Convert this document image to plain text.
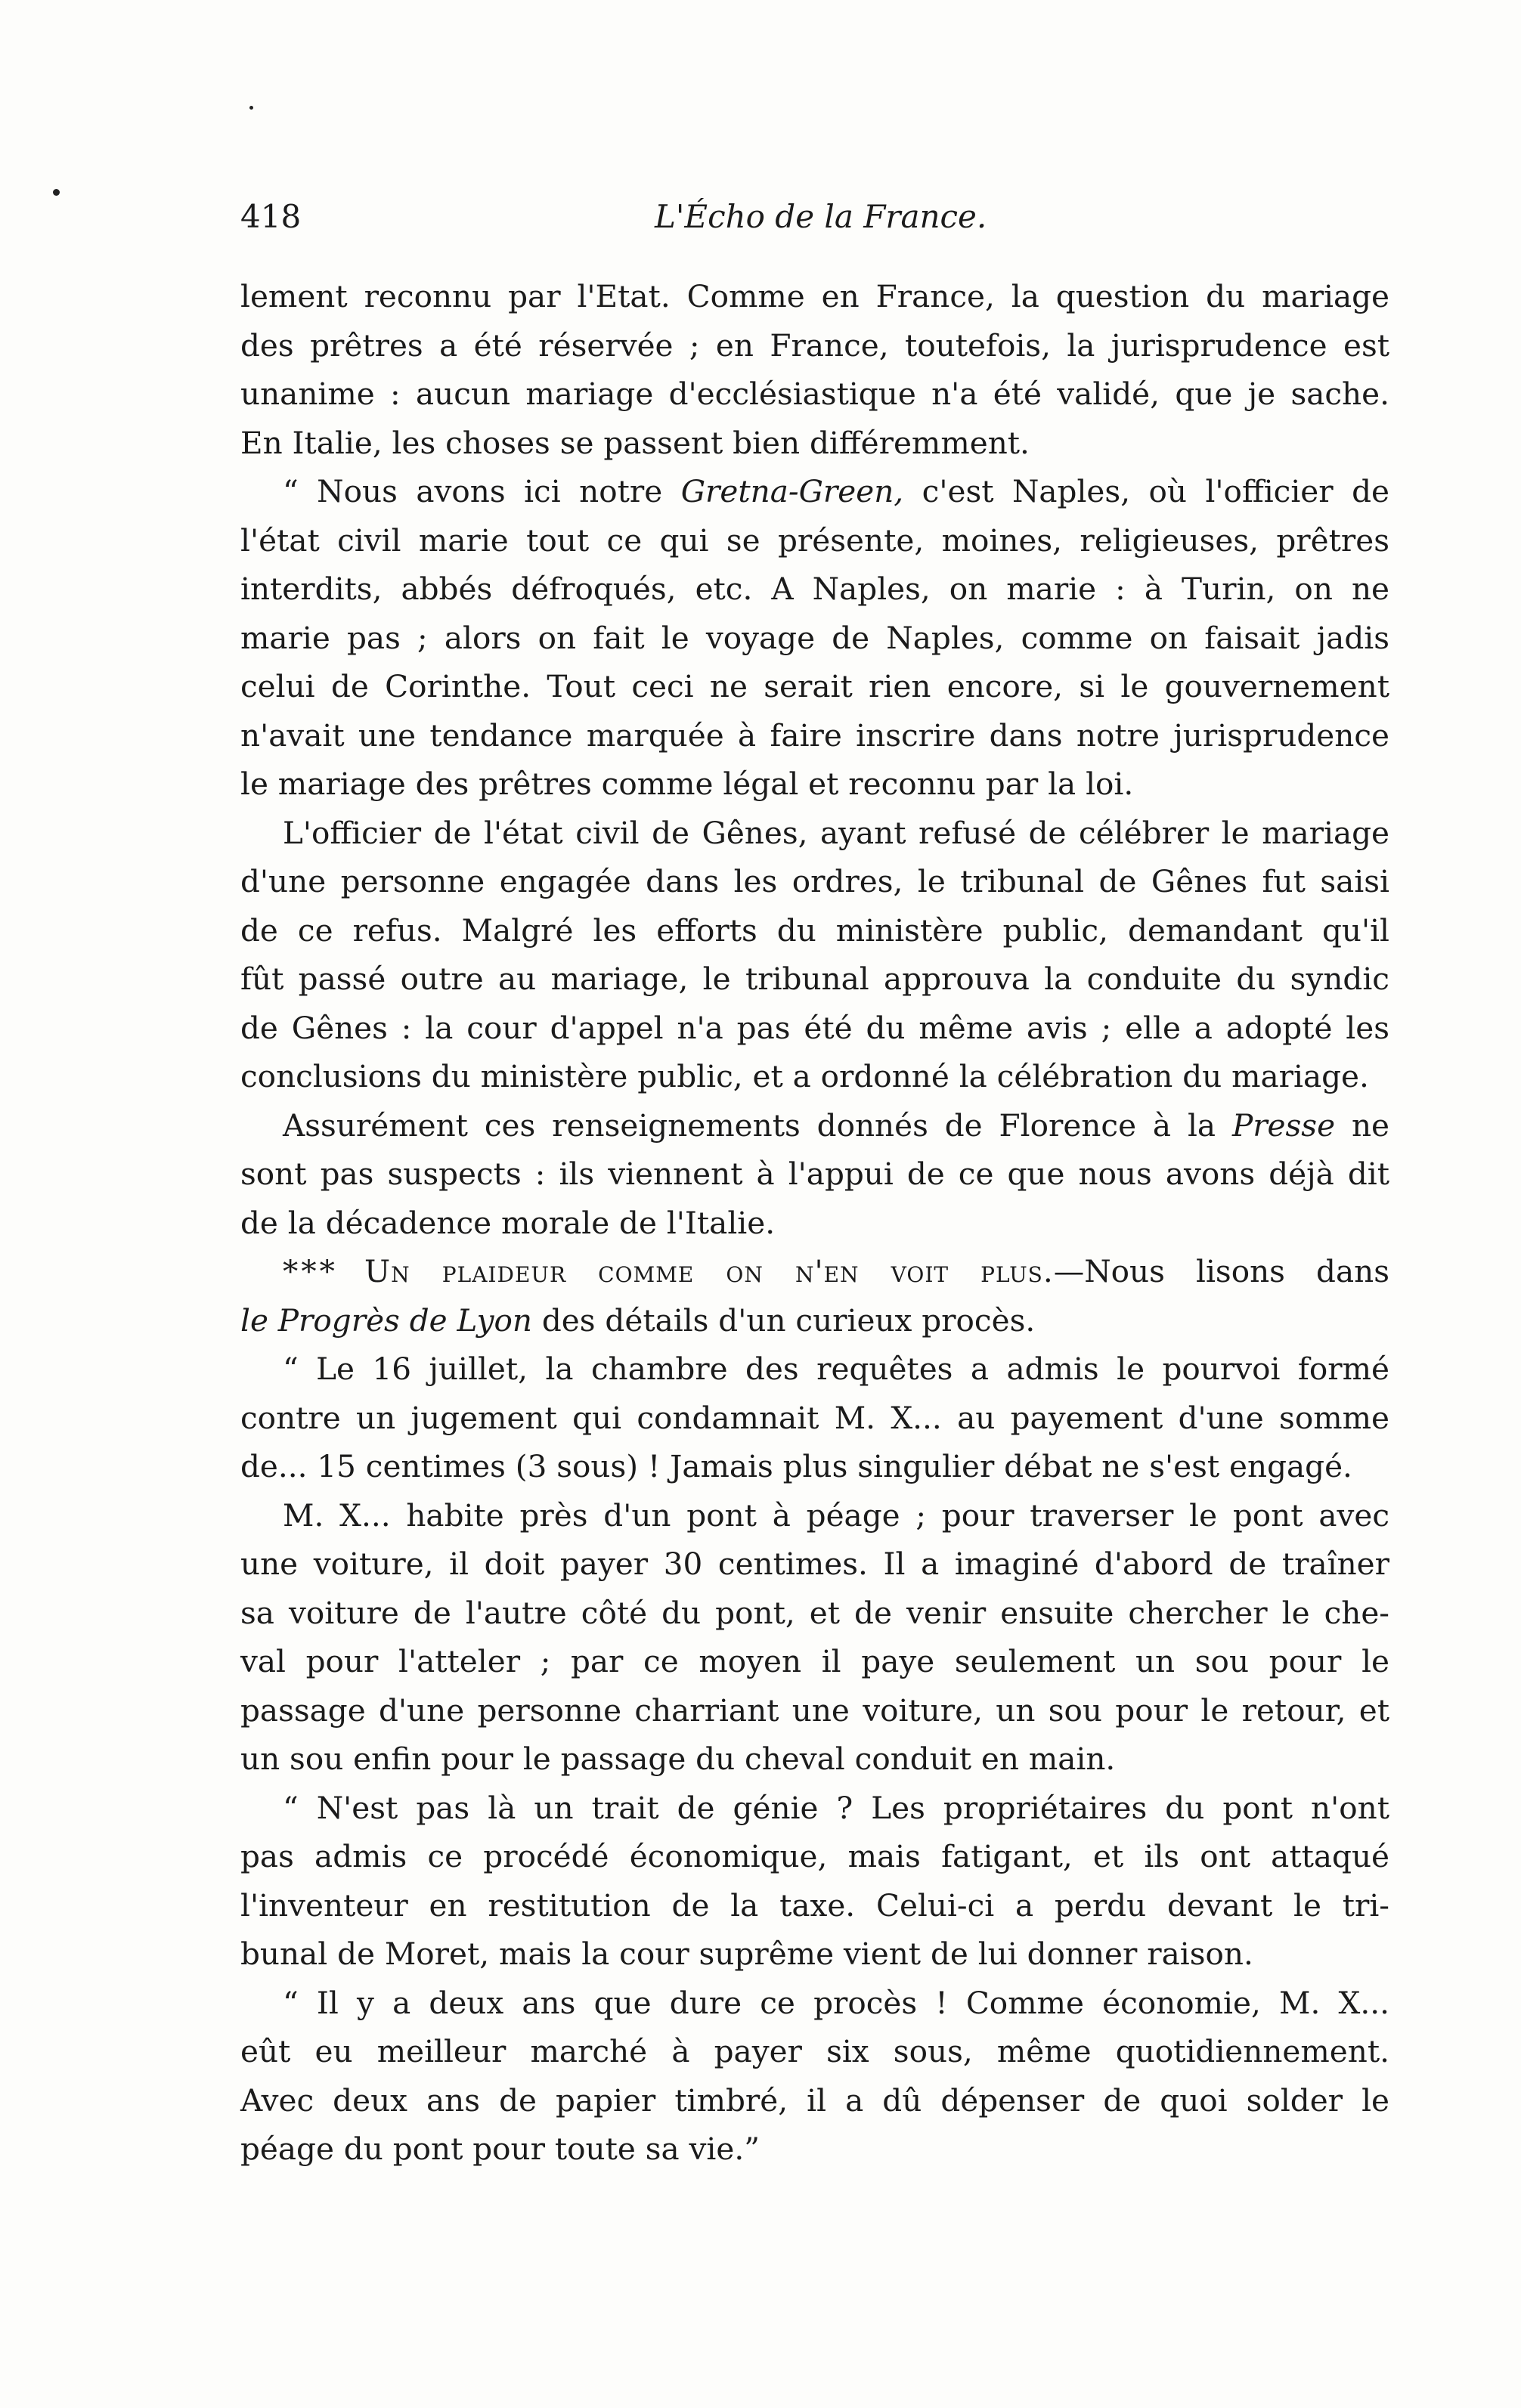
418	L'Écho de la France.

lement reconnu par l'Etat. Comme en France, la question du mariage
des prêtres a été réservée ; en France, toutefois, la jurisprudence est
unanime : aucun mariage d'ecclésiastique n'a été validé, que je sache.
En Italie, les choses se passent bien différemment.

“ Nous avons ici notre Gretna-Green, c'est Naples, où l'officier de
l'état civil marie tout ce qui se présente, moines, religieuses, prêtres
interdits, abbés défroqués, etc. A Naples, on marie : à Turin, on ne
marie pas ; alors on fait le voyage de Naples, comme on faisait jadis
celui de Corinthe. Tout ceci ne serait rien encore, si le gouvernement
n'avait une tendance marquée à faire inscrire dans notre jurisprudence
le mariage des prêtres comme légal et reconnu par la loi.

L'officier de l'état civil de Gênes, ayant refusé de célébrer le mariage
d'une personne engagée dans les ordres, le tribunal de Gênes fut saisi
de ce refus. Malgré les efforts du ministère public, demandant qu'il
fût passé outre au mariage, le tribunal approuva la conduite du syndic
de Gênes : la cour d'appel n'a pas été du même avis ; elle a adopté les
conclusions du ministère public, et a ordonné la célébration du mariage.

Assurément ces renseignements donnés de Florence à la Presse ne
sont pas suspects : ils viennent à l'appui de ce que nous avons déjà dit
de la décadence morale de l'Italie.

* * * Un plaideur comme on n'en voit plus.—Nous lisons dans
le Progrès de Lyon des détails d'un curieux procès.

“ Le 16 juillet, la chambre des requêtes a admis le pourvoi formé
contre un jugement qui condamnait M. X... au payement d'une somme
de... 15 centimes (3 sous) ! Jamais plus singulier débat ne s'est engagé.

M. X... habite près d'un pont à péage ; pour traverser le pont avec
une voiture, il doit payer 30 centimes. Il a imaginé d'abord de traîner
sa voiture de l'autre côté du pont, et de venir ensuite chercher le che-
val pour l'atteler ; par ce moyen il paye seulement un sou pour le
passage d'une personne charriant une voiture, un sou pour le retour, et
un sou enfin pour le passage du cheval conduit en main.

“ N'est pas là un trait de génie ? Les propriétaires du pont n'ont
pas admis ce procédé économique, mais fatigant, et ils ont attaqué
l'inventeur en restitution de la taxe. Celui-ci a perdu devant le tri-
bunal de Moret, mais la cour suprême vient de lui donner raison.

“ Il y a deux ans que dure ce procès ! Comme économie, M. X...
eût eu meilleur marché à payer six sous, même quotidiennement.
Avec deux ans de papier timbré, il a dû dépenser de quoi solder le
péage du pont pour toute sa vie.”
